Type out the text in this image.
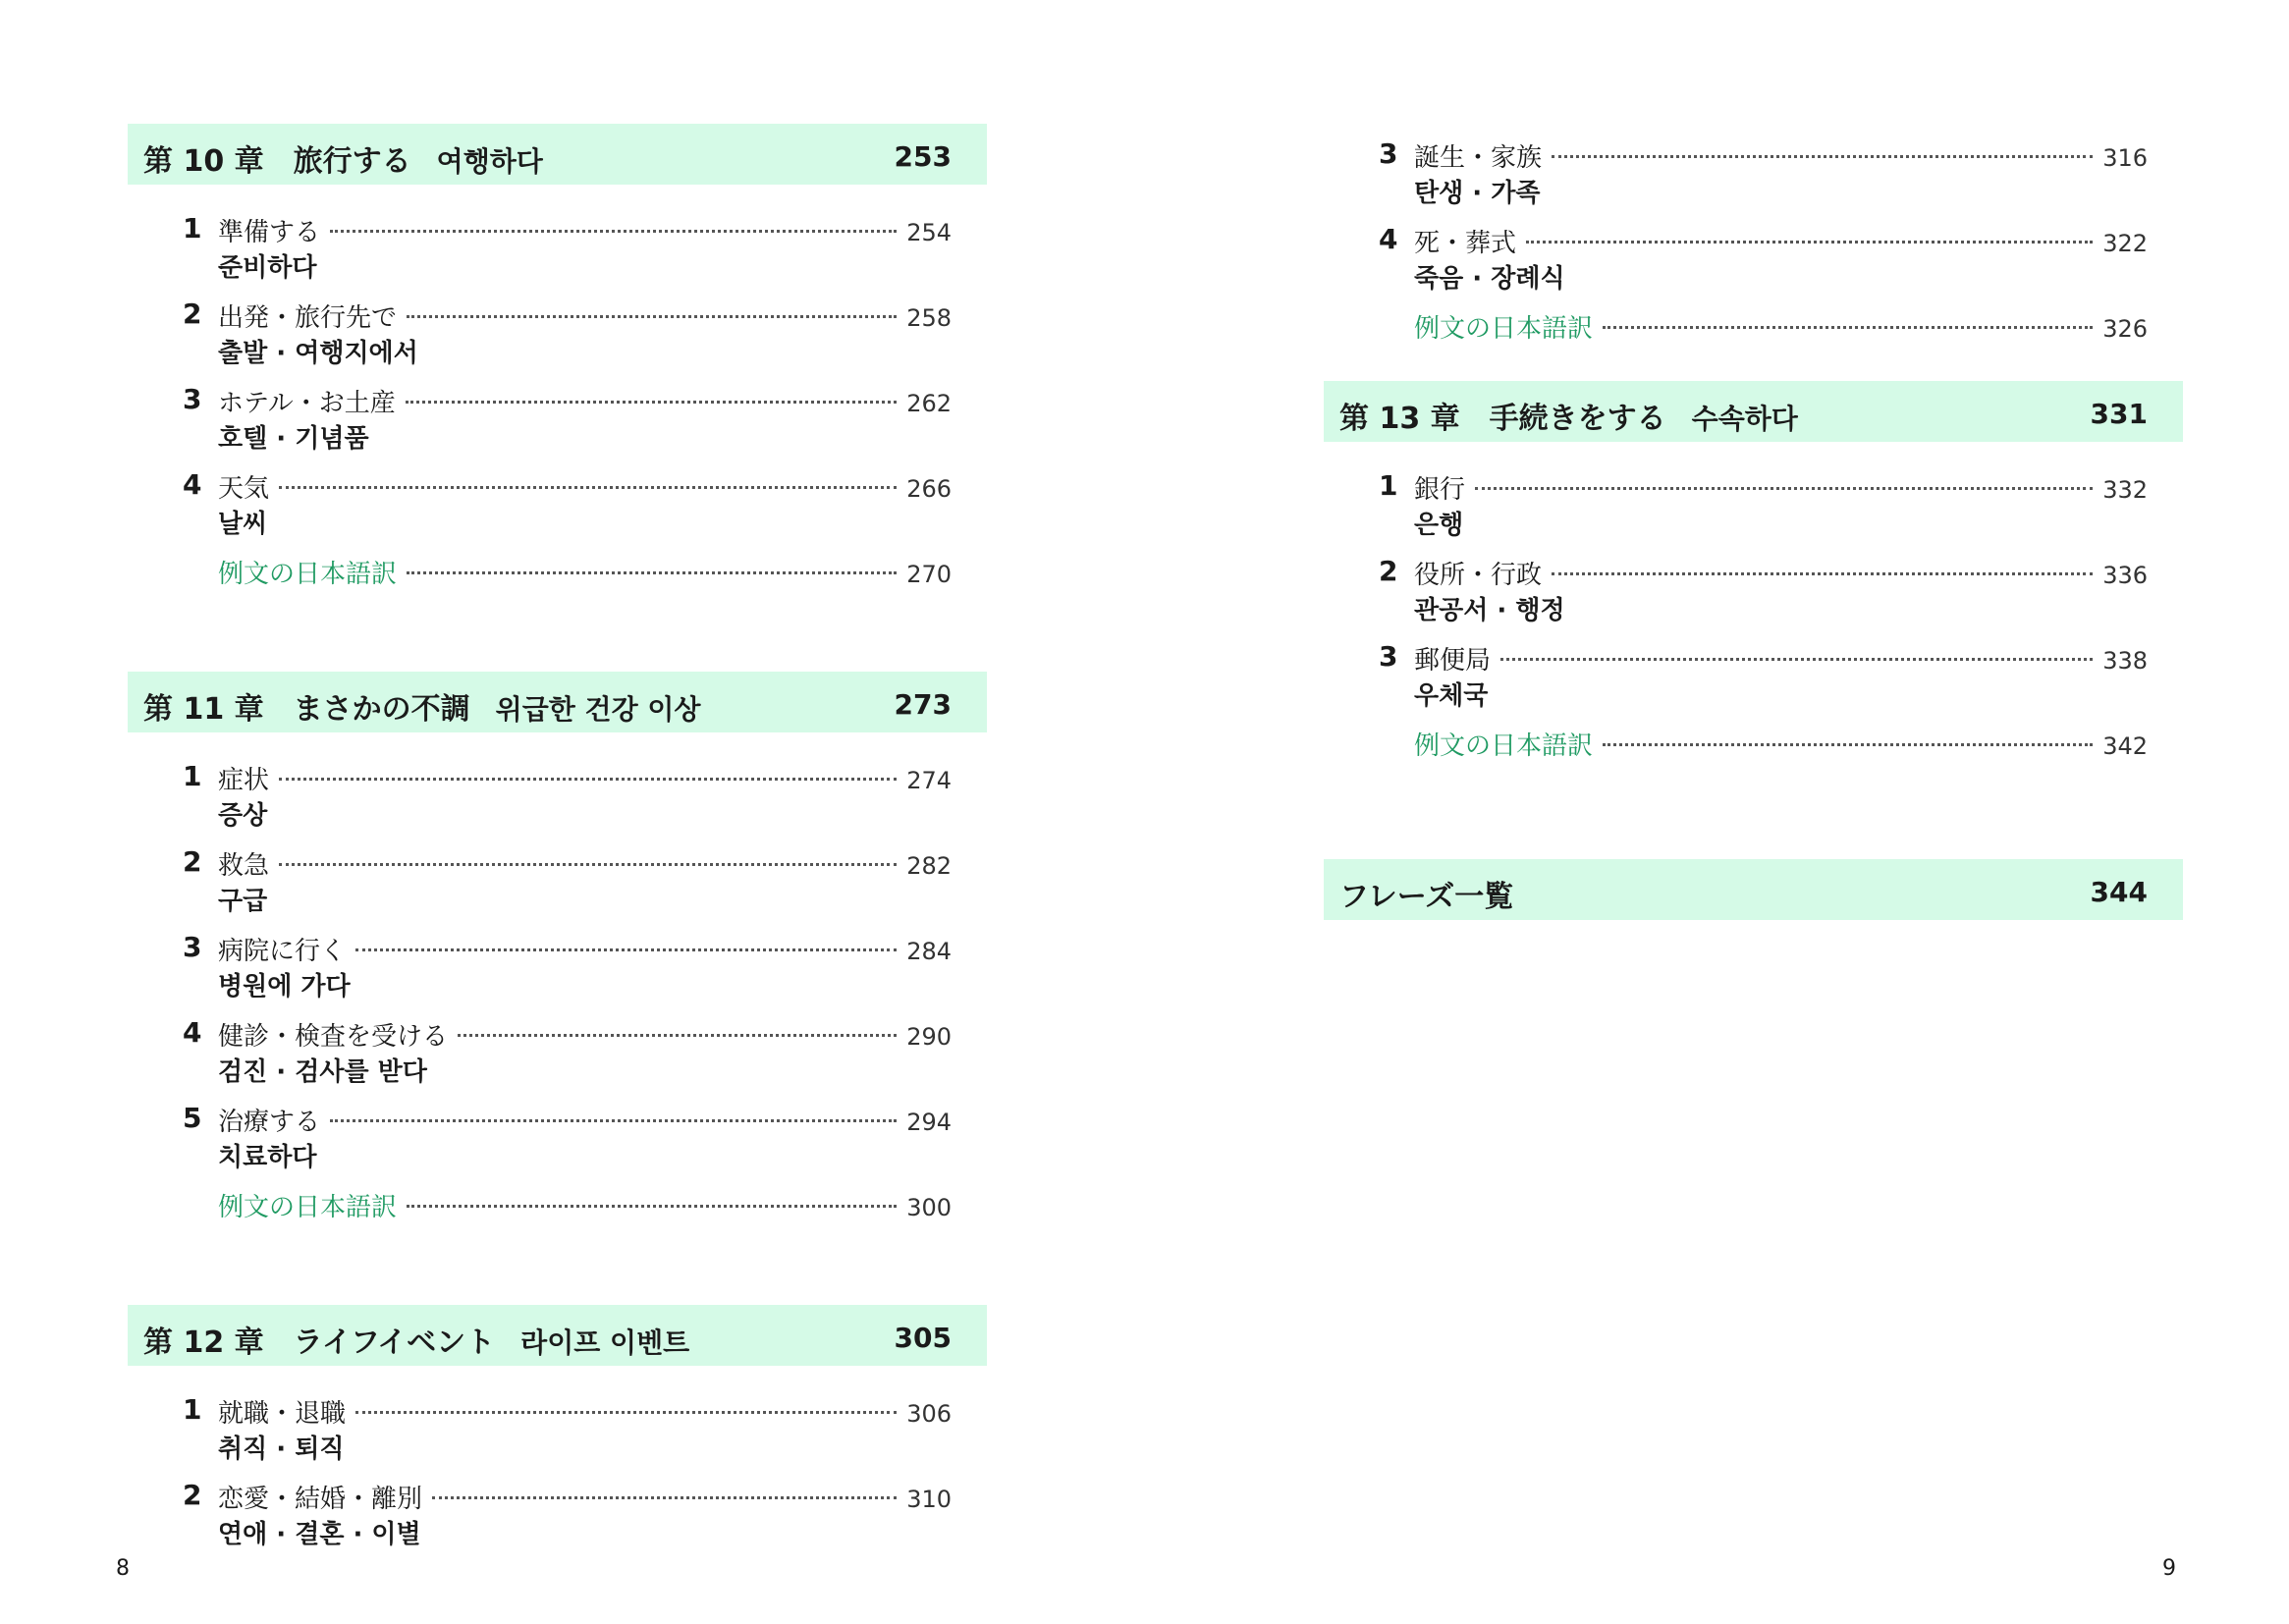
第 10 章　旅行する 여행하다	253
1 準備する	254
준비하다
2 出発・旅行先で	258
출발 · 여행지에서
3 ホテル・お土産	262
호텔 · 기념품
4 天気	266
날씨
例文の日本語訳	270
第 11 章　まさかの不調 위급한 건강 이상	273
1 症状	274
증상
2 救急	282
구급
3 病院に行く	284
병원에 가다
4 健診・検査を受ける	290
검진 · 검사를 받다
5 治療する	294
치료하다
例文の日本語訳	300
第 12 章　ライフイベント 라이프 이벤트	305
1 就職・退職	306
취직 · 퇴직
2 恋愛・結婚・離別	310
연애 · 결혼 · 이별
3 誕生・家族	316
탄생 · 가족
4 死・葬式	322
죽음 · 장례식
例文の日本語訳	326
第 13 章　手続きをする 수속하다	331
1 銀行	332
은행
2 役所・行政	336
관공서 · 행정
3 郵便局	338
우체국
例文の日本語訳	342
フレーズ一覧	344
8	9
